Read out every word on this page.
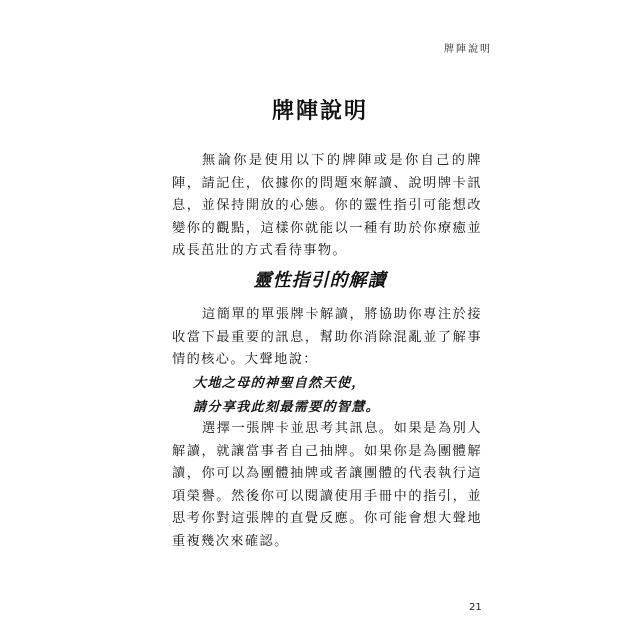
牌陣說明
牌陣說明

無論你是使用以下的牌陣或是你自己的牌陣，請記住，依據你的問題來解讀、說明牌卡訊息，並保持開放的心態。你的靈性指引可能想改變你的觀點，這樣你就能以一種有助於你療癒並成長茁壯的方式看待事物。

靈性指引的解讀

這簡單的單張牌卡解讀，將協助你專注於接收當下最重要的訊息，幫助你消除混亂並了解事情的核心。大聲地說：

大地之母的神聖自然天使，

請分享我此刻最需要的智慧。

選擇一張牌卡並思考其訊息。如果是為別人解讀，就讓當事者自己抽牌。如果你是為團體解讀，你可以為團體抽牌或者讓團體的代表執行這項榮譽。然後你可以閱讀使用手冊中的指引，並思考你對這張牌的直覺反應。你可能會想大聲地重複幾次來確認。

21
